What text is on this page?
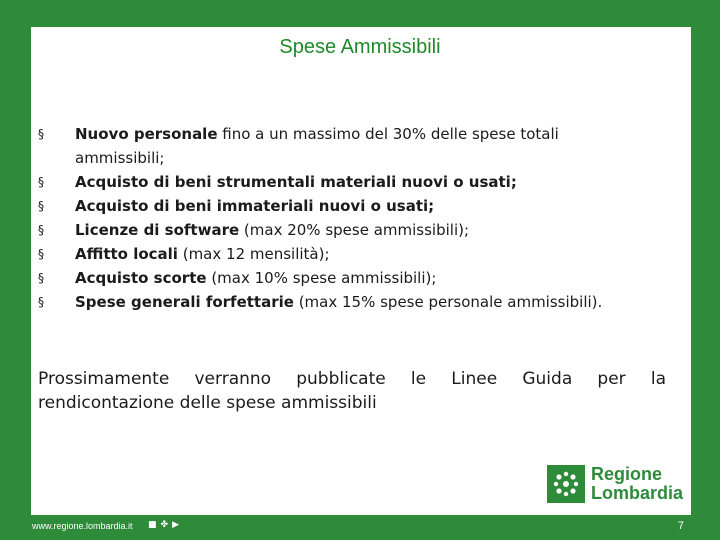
Spese Ammissibili
§ Nuovo personale fino a un massimo del 30% delle spese totali ammissibili;
§ Acquisto di beni strumentali materiali nuovi o usati;
§ Acquisto di beni immateriali nuovi o usati;
§ Licenze di software (max 20% spese ammissibili);
§ Affitto locali (max 12 mensilità);
§ Acquisto scorte (max 10% spese ammissibili);
§ Spese generali forfettarie (max 15% spese personale ammissibili).
Prossimamente verranno pubblicate le Linee Guida per la rendicontazione delle spese ammissibili
Regione
Lombardia
www.regione.lombardia.it ■ ✤ ▶	7
